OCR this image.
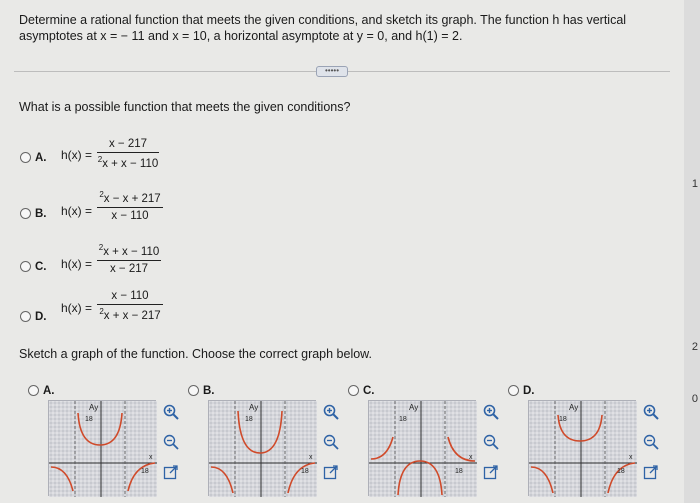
Determine a rational function that meets the given conditions, and sketch its graph. The function h has vertical asymptotes at x = − 11 and x = 10, a horizontal asymptote at y = 0, and h(1) = 2.
•••••
What is a possible function that meets the given conditions?
A. h(x) =
x − 217
$^2$x + x − 110
B. h(x) =
$^2$x − x + 217
x − 110
C. h(x) =
$^2$x + x − 110
x − 217
D.
h(x) =
x − 110
$^2$x + x − 217
Sketch a graph of the function. Choose the correct graph below.
A.	B.	C.	D.
Ay
18
18
x
Ay
18
18
x
Ay
18
18
x
Ay
18
18
x
1
2
0
